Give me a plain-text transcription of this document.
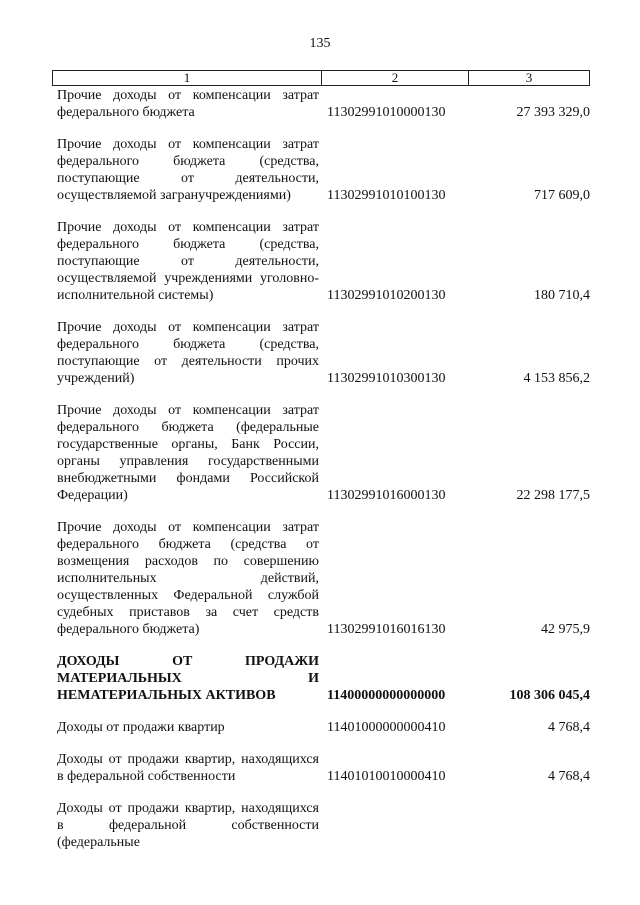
135
1	2	3
Прочие доходы от компенсации затрат федерального бюджета	11302991010000130	27 393 329,0
Прочие доходы от компенсации затрат федерального бюджета (средства, поступающие от деятельности, осуществляемой загранучреждениями)	11302991010100130	717 609,0
Прочие доходы от компенсации затрат федерального бюджета (средства, поступающие от деятельности, осуществляемой учреждениями уголовно-исполнительной системы)	11302991010200130	180 710,4
Прочие доходы от компенсации затрат федерального бюджета (средства, поступающие от деятельности прочих учреждений)	11302991010300130	4 153 856,2
Прочие доходы от компенсации затрат федерального бюджета (федеральные государственные органы, Банк России, органы управления государственными внебюджетными фондами Российской Федерации)	11302991016000130	22 298 177,5
Прочие доходы от компенсации затрат федерального бюджета (средства от возмещения расходов по совершению исполнительных действий, осуществленных Федеральной службой судебных приставов за счет средств федерального бюджета)	11302991016016130	42 975,9
ДОХОДЫ ОТ ПРОДАЖИ МАТЕРИАЛЬНЫХ И
НЕМАТЕРИАЛЬНЫХ АКТИВОВ	11400000000000000	108 306 045,4
Доходы от продажи квартир	11401000000000410	4 768,4
Доходы от продажи квартир, находящихся в федеральной собственности	11401010010000410	4 768,4
Доходы от продажи квартир, находящихся в федеральной собственности (федеральные
